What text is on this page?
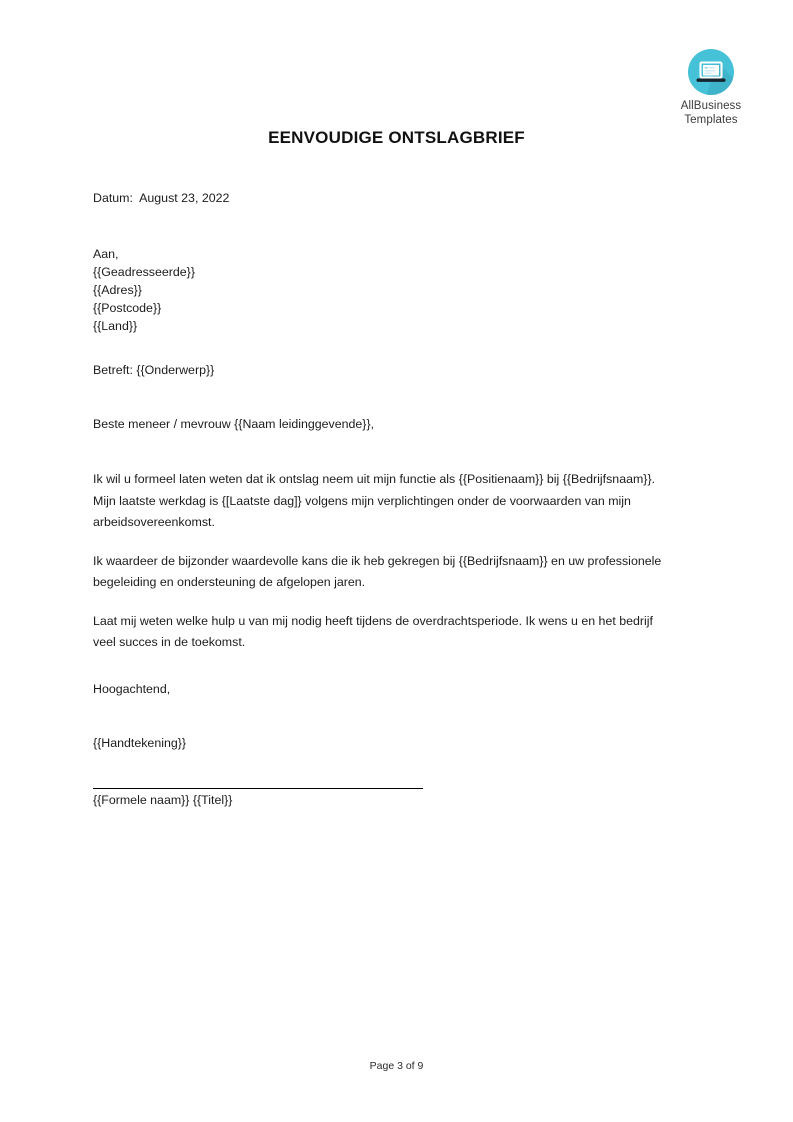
AllBusiness
Templates
EENVOUDIGE ONTSLAGBRIEF
Datum:  August 23, 2022
Aan,
{{Geadresseerde}}
{{Adres}}
{{Postcode}}
{{Land}}
Betreft: {{Onderwerp}}
Beste meneer / mevrouw {{Naam leidinggevende}},

Ik wil u formeel laten weten dat ik ontslag neem uit mijn functie als {{Positienaam}} bij {{Bedrijfsnaam}}. Mijn laatste werkdag is {[Laatste dag]} volgens mijn verplichtingen onder de voorwaarden van mijn arbeidsovereenkomst.

Ik waardeer de bijzonder waardevolle kans die ik heb gekregen bij {{Bedrijfsnaam}} en uw professionele begeleiding en ondersteuning de afgelopen jaren.

Laat mij weten welke hulp u van mij nodig heeft tijdens de overdrachtsperiode. Ik wens u en het bedrijf veel succes in de toekomst.

Hoogachtend,
{{Handtekening}}
{{Formele naam}} {{Titel}}
Page 3 of 9
